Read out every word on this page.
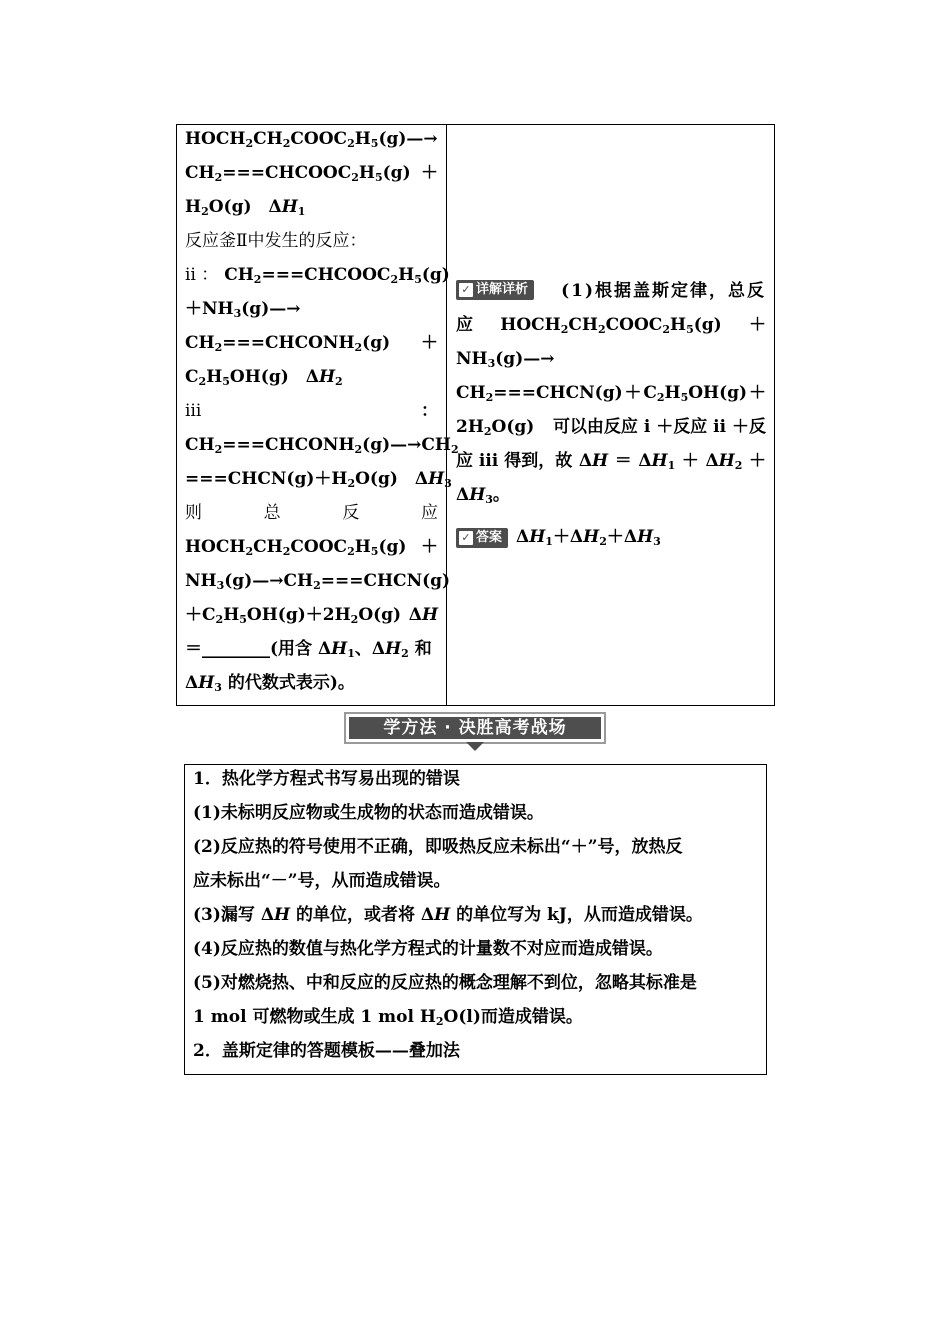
$HOCH_2CH_2COOC_2H_5(g)—\to$
$CH_2===CHCOOC_2H_5(g)$ ＋
$H_2O(g)$　$\Delta H_1$
反应釜Ⅱ中发生的反应：
ⅱ ： $CH_2===CHCOOC_2H_5(g)$
$+NH_3(g)—\to$
$CH_2===CHCONH_2(g)$ ＋
$C_2H_5OH(g)$　$\Delta H_2$
ⅲ	：
$CH_2===CHCONH_2(g)—\to CH_2$
$===CHCN(g)+H_2O(g)$　$\Delta H_3$
则	总	反	应
$HOCH_2CH_2COOC_2H_5(g)$ ＋
$NH_3(g)—\to CH_2===CHCN(g)$
$+C_2H_5OH(g)+2H_2O(g)$ ΔH
＝________(用含 $\Delta H_1$、$\Delta H_2$ 和
$\Delta H_3$ 的代数式表示)。
✓ 详解详析	(1)根据盖斯定律，总反
应 $HOCH_2CH_2COOC_2H_5(g)$ ＋
$NH_3(g)—\to$
$CH_2===CHCN(g) + C_2H_5OH(g)$ ＋
$2H_2O(g)$ 可以由反应 ⅰ ＋反应 ⅱ ＋反
应 ⅲ 得到，故 $\Delta H = \Delta H_1 + \Delta H_2$ ＋
$\Delta H_3$。
✓ 答案 $\Delta H_1+\Delta H_2+\Delta H_3$
学方法 · 决胜高考战场
1．热化学方程式书写易出现的错误
(1)未标明反应物或生成物的状态而造成错误。
(2)反应热的符号使用不正确，即吸热反应未标出“＋”号，放热反
应未标出“－”号，从而造成错误。
(3)漏写 ΔH 的单位，或者将 ΔH 的单位写为 kJ，从而造成错误。
(4)反应热的数值与热化学方程式的计量数不对应而造成错误。
(5)对燃烧热、中和反应的反应热的概念理解不到位，忽略其标准是
1 mol 可燃物或生成 1 mol $H_2O(l)$而造成错误。
2．盖斯定律的答题模板——叠加法
